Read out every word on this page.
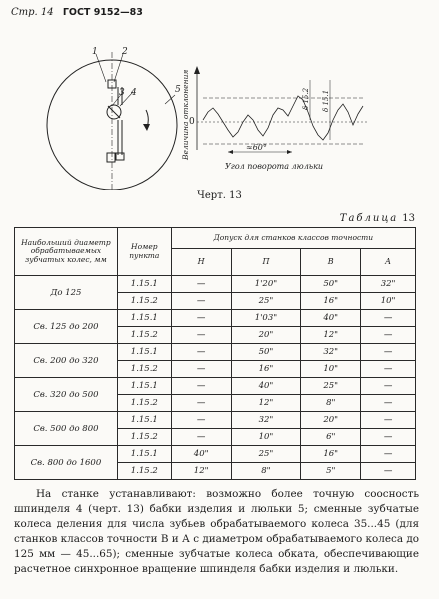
Стр. 14 ГОСТ 9152—83
1	2
3 4	5
0
Величина отклонения
Угол поворота люльки
≈60°
δ 15.2 δ 15.1
Черт. 13
Таблица 13
Наибольший диаметр обрабатываемых зубчатых колес, мм	Номер пункта	Допуск для станков классов точности			
		Н	П	В	А
До 125	1.15.1	—	1'20"	50"	32"
	1.15.2	—	25"	16"	10"
Св. 125 до 200	1.15.1	—	1'03"	40"	—
	1.15.2	—	20"	12"	—
Св. 200 до 320	1.15.1	—	50"	32"	—
	1.15.2	—	16"	10"	—
Св. 320 до 500	1.15.1	—	40"	25"	—
	1.15.2	—	12"	8"	—
Св. 500 до 800	1.15.1	—	32"	20"	—
	1.15.2	—	10"	6"	—
Св. 800 до 1600	1.15.1	40"	25"	16"	—
	1.15.2	12"	8"	5"	—

На станке устанавливают: возможно более точную соосность шпинделя 4 (черт. 13) бабки изделия и люльки 5; сменные зубчатые колеса деления для числа зубьев обрабатываемого колеса 35...45 (для станков классов точности В и А с диаметром обрабатываемого колеса до 125 мм — 45...65); сменные зубчатые колеса обката, обеспечивающие расчетное синхронное вращение шпинделя бабки изделия и люльки.
